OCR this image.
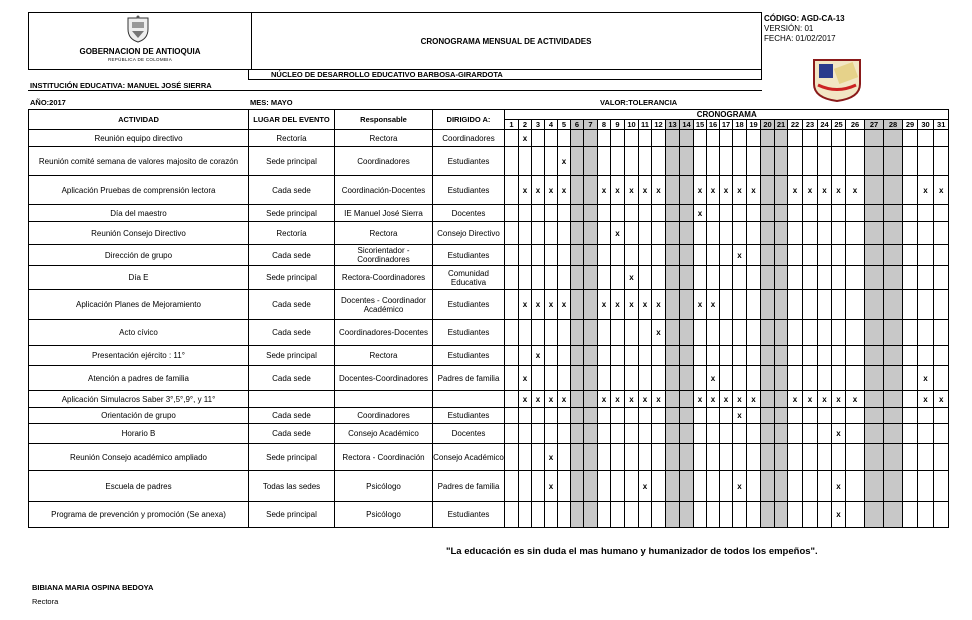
GOBERNACION DE ANTIOQUIA
REPÚBLICA DE COLOMBIA
CRONOGRAMA MENSUAL DE ACTIVIDADES
CÓDIGO: AGD-CA-13
VERSIÓN: 01
FECHA: 01/02/2017
NÚCLEO DE DESARROLLO EDUCATIVO BARBOSA-GIRARDOTA
INSTITUCIÓN EDUCATIVA: MANUEL JOSÉ SIERRA
AÑO:2017	MES: MAYO	VALOR:TOLERANCIA
ACTIVIDAD	LUGAR DEL EVENTO	Responsable	DIRIGIDO A:	CRONOGRAMA																														
				1	2	3	4	5	6	7	8	9	10	11	12	13	14	15	16	17	18	19	20	21	22	23	24	25	26	27	28	29	30	31
Reunión equipo directivo	Rectoría	Rectora	Coordinadores		x																													
Reunión comité semana de valores majosito de corazón	Sede principal	Coordinadores	Estudiantes					x																										
Aplicación Pruebas de comprensión lectora	Cada sede	Coordinación-Docentes	Estudiantes		x	x	x	x			x	x	x	x	x			x	x	x	x	x			x	x	x	x	x				x	x
Día del maestro	Sede principal	IE Manuel José Sierra	Docentes															x																
Reunión Consejo Directivo	Rectoría	Rectora	Consejo Directivo									x																						
Dirección de grupo	Cada sede	Sicorientador - Coordinadores	Estudiantes																		x													
Día E	Sede principal	Rectora-Coordinadores	Comunidad Educativa										x																					
Aplicación Planes de Mejoramiento	Cada sede	Docentes - Coordinador Académico	Estudiantes		x	x	x	x			x	x	x	x	x			x	x															
Acto cívico	Cada sede	Coordinadores-Docentes	Estudiantes												x																			
Presentación ejército : 11°	Sede principal	Rectora	Estudiantes			x																												
Atención a padres de familia	Cada sede	Docentes-Coordinadores	Padres de familia		x														x														x	
Aplicación Simulacros Saber 3°,5°,9°, y 11°					x	x	x	x			x	x	x	x	x			x	x	x	x	x			x	x	x	x	x				x	x
Orientación de grupo	Cada sede	Coordinadores	Estudiantes																		x													
Horario B	Cada sede	Consejo Académico	Docentes																									x						
Reunión Consejo académico ampliado	Sede principal	Rectora - Coordinación	Consejo Académico				x																											
Escuela de padres	Todas las sedes	Psicólogo	Padres de familia				x							x							x							x						
Programa de prevención y promoción (Se anexa)	Sede principal	Psicólogo	Estudiantes																									x						
"La educación es sin duda el mas humano y humanizador de todos los empeños".
BIBIANA MARIA OSPINA BEDOYA
Rectora
